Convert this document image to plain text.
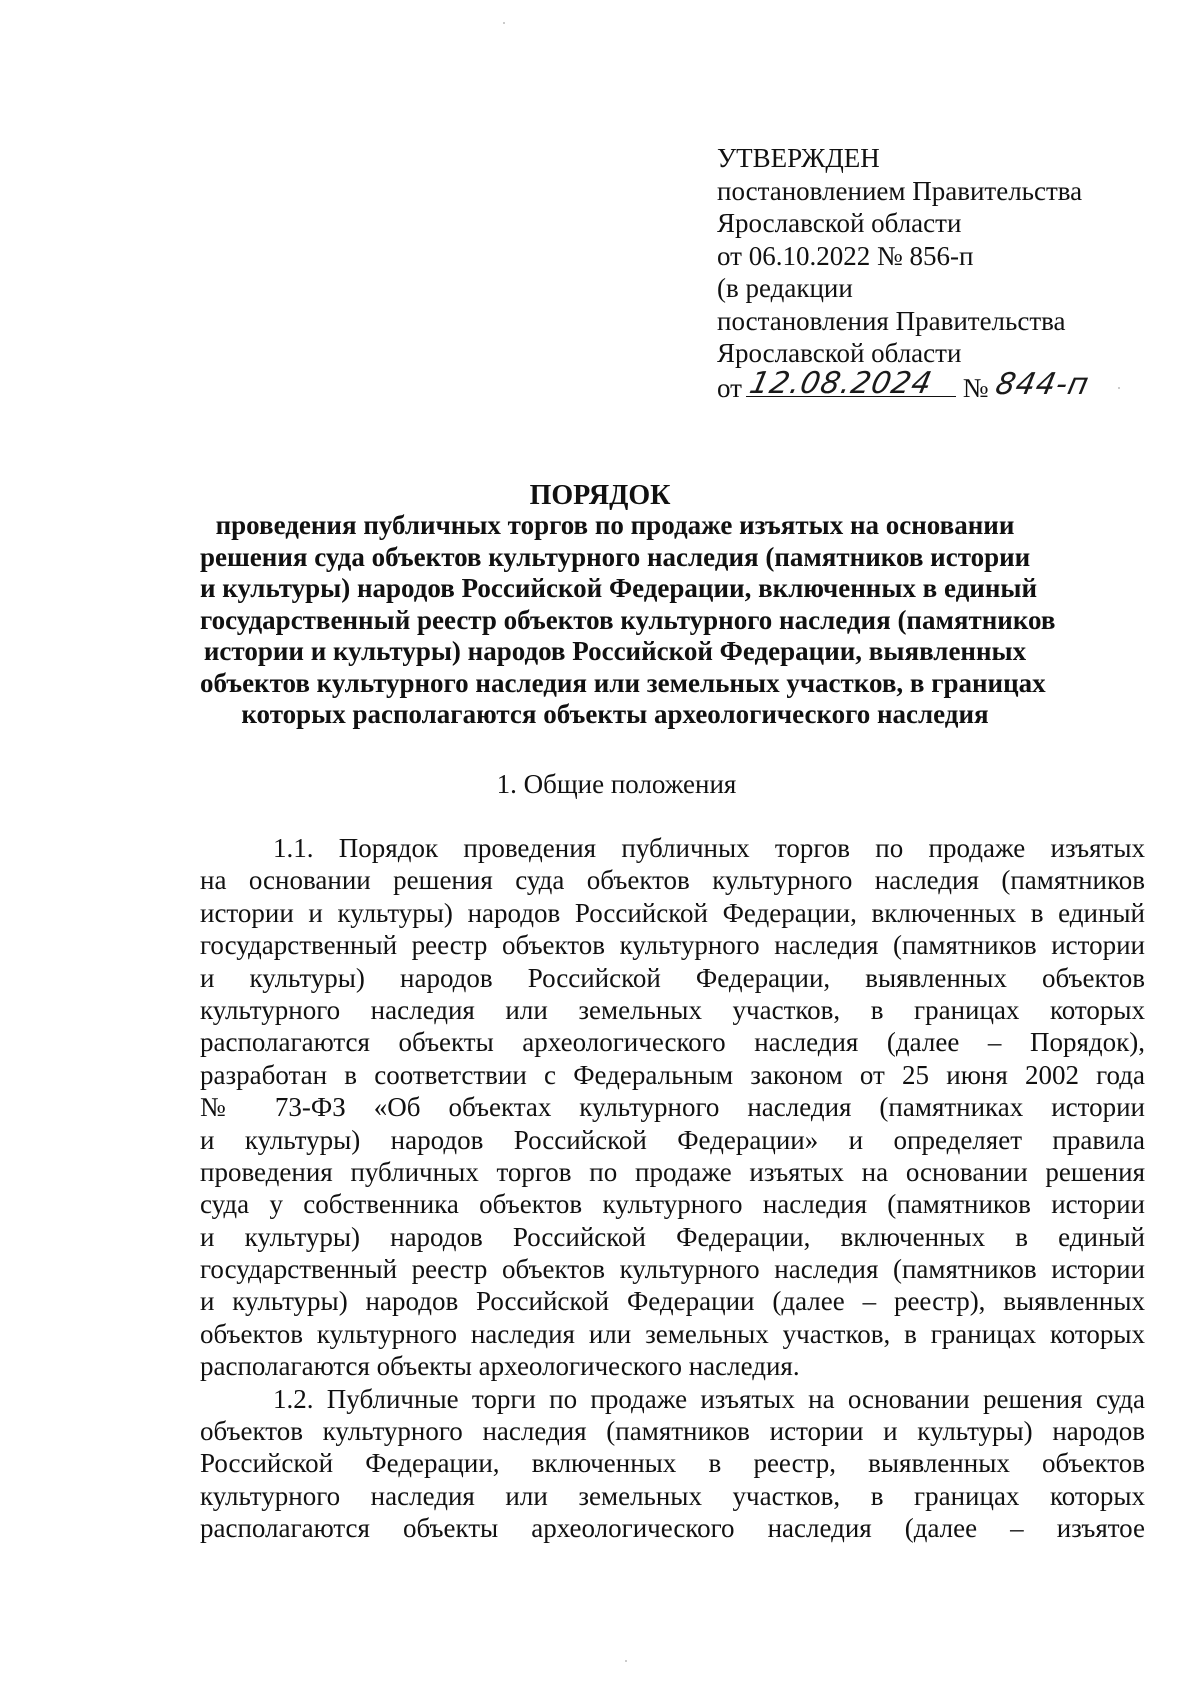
УТВЕРЖДЕН
постановлением Правительства
Ярославской области
от 06.10.2022 № 856-п
(в редакции
постановления Правительства
Ярославской области
от 12.08.2024 № 844-п
ПОРЯДОК
проведения публичных торгов по продаже изъятых на основании
решения суда объектов культурного наследия (памятников истории
и культуры) народов Российской Федерации, включенных в единый
государственный реестр объектов культурного наследия (памятников
истории и культуры) народов Российской Федерации, выявленных
объектов культурного наследия или земельных участков, в границах
которых располагаются объекты археологического наследия
1. Общие положения
1.1. Порядок проведения публичных торгов по продаже изъятых
на основании решения суда объектов культурного наследия (памятников
истории и культуры) народов Российской Федерации, включенных в единый
государственный реестр объектов культурного наследия (памятников истории
и культуры) народов Российской Федерации, выявленных объектов
культурного наследия или земельных участков, в границах которых
располагаются объекты археологического наследия (далее – Порядок),
разработан в соответствии с Федеральным законом от 25 июня 2002 года
№ 73-ФЗ «Об объектах культурного наследия (памятниках истории
и культуры) народов Российской Федерации» и определяет правила
проведения публичных торгов по продаже изъятых на основании решения
суда у собственника объектов культурного наследия (памятников истории
и культуры) народов Российской Федерации, включенных в единый
государственный реестр объектов культурного наследия (памятников истории
и культуры) народов Российской Федерации (далее – реестр), выявленных
объектов культурного наследия или земельных участков, в границах которых
располагаются объекты археологического наследия.
1.2. Публичные торги по продаже изъятых на основании решения суда
объектов культурного наследия (памятников истории и культуры) народов
Российской Федерации, включенных в реестр, выявленных объектов
культурного наследия или земельных участков, в границах которых
располагаются объекты археологического наследия (далее – изъятое
